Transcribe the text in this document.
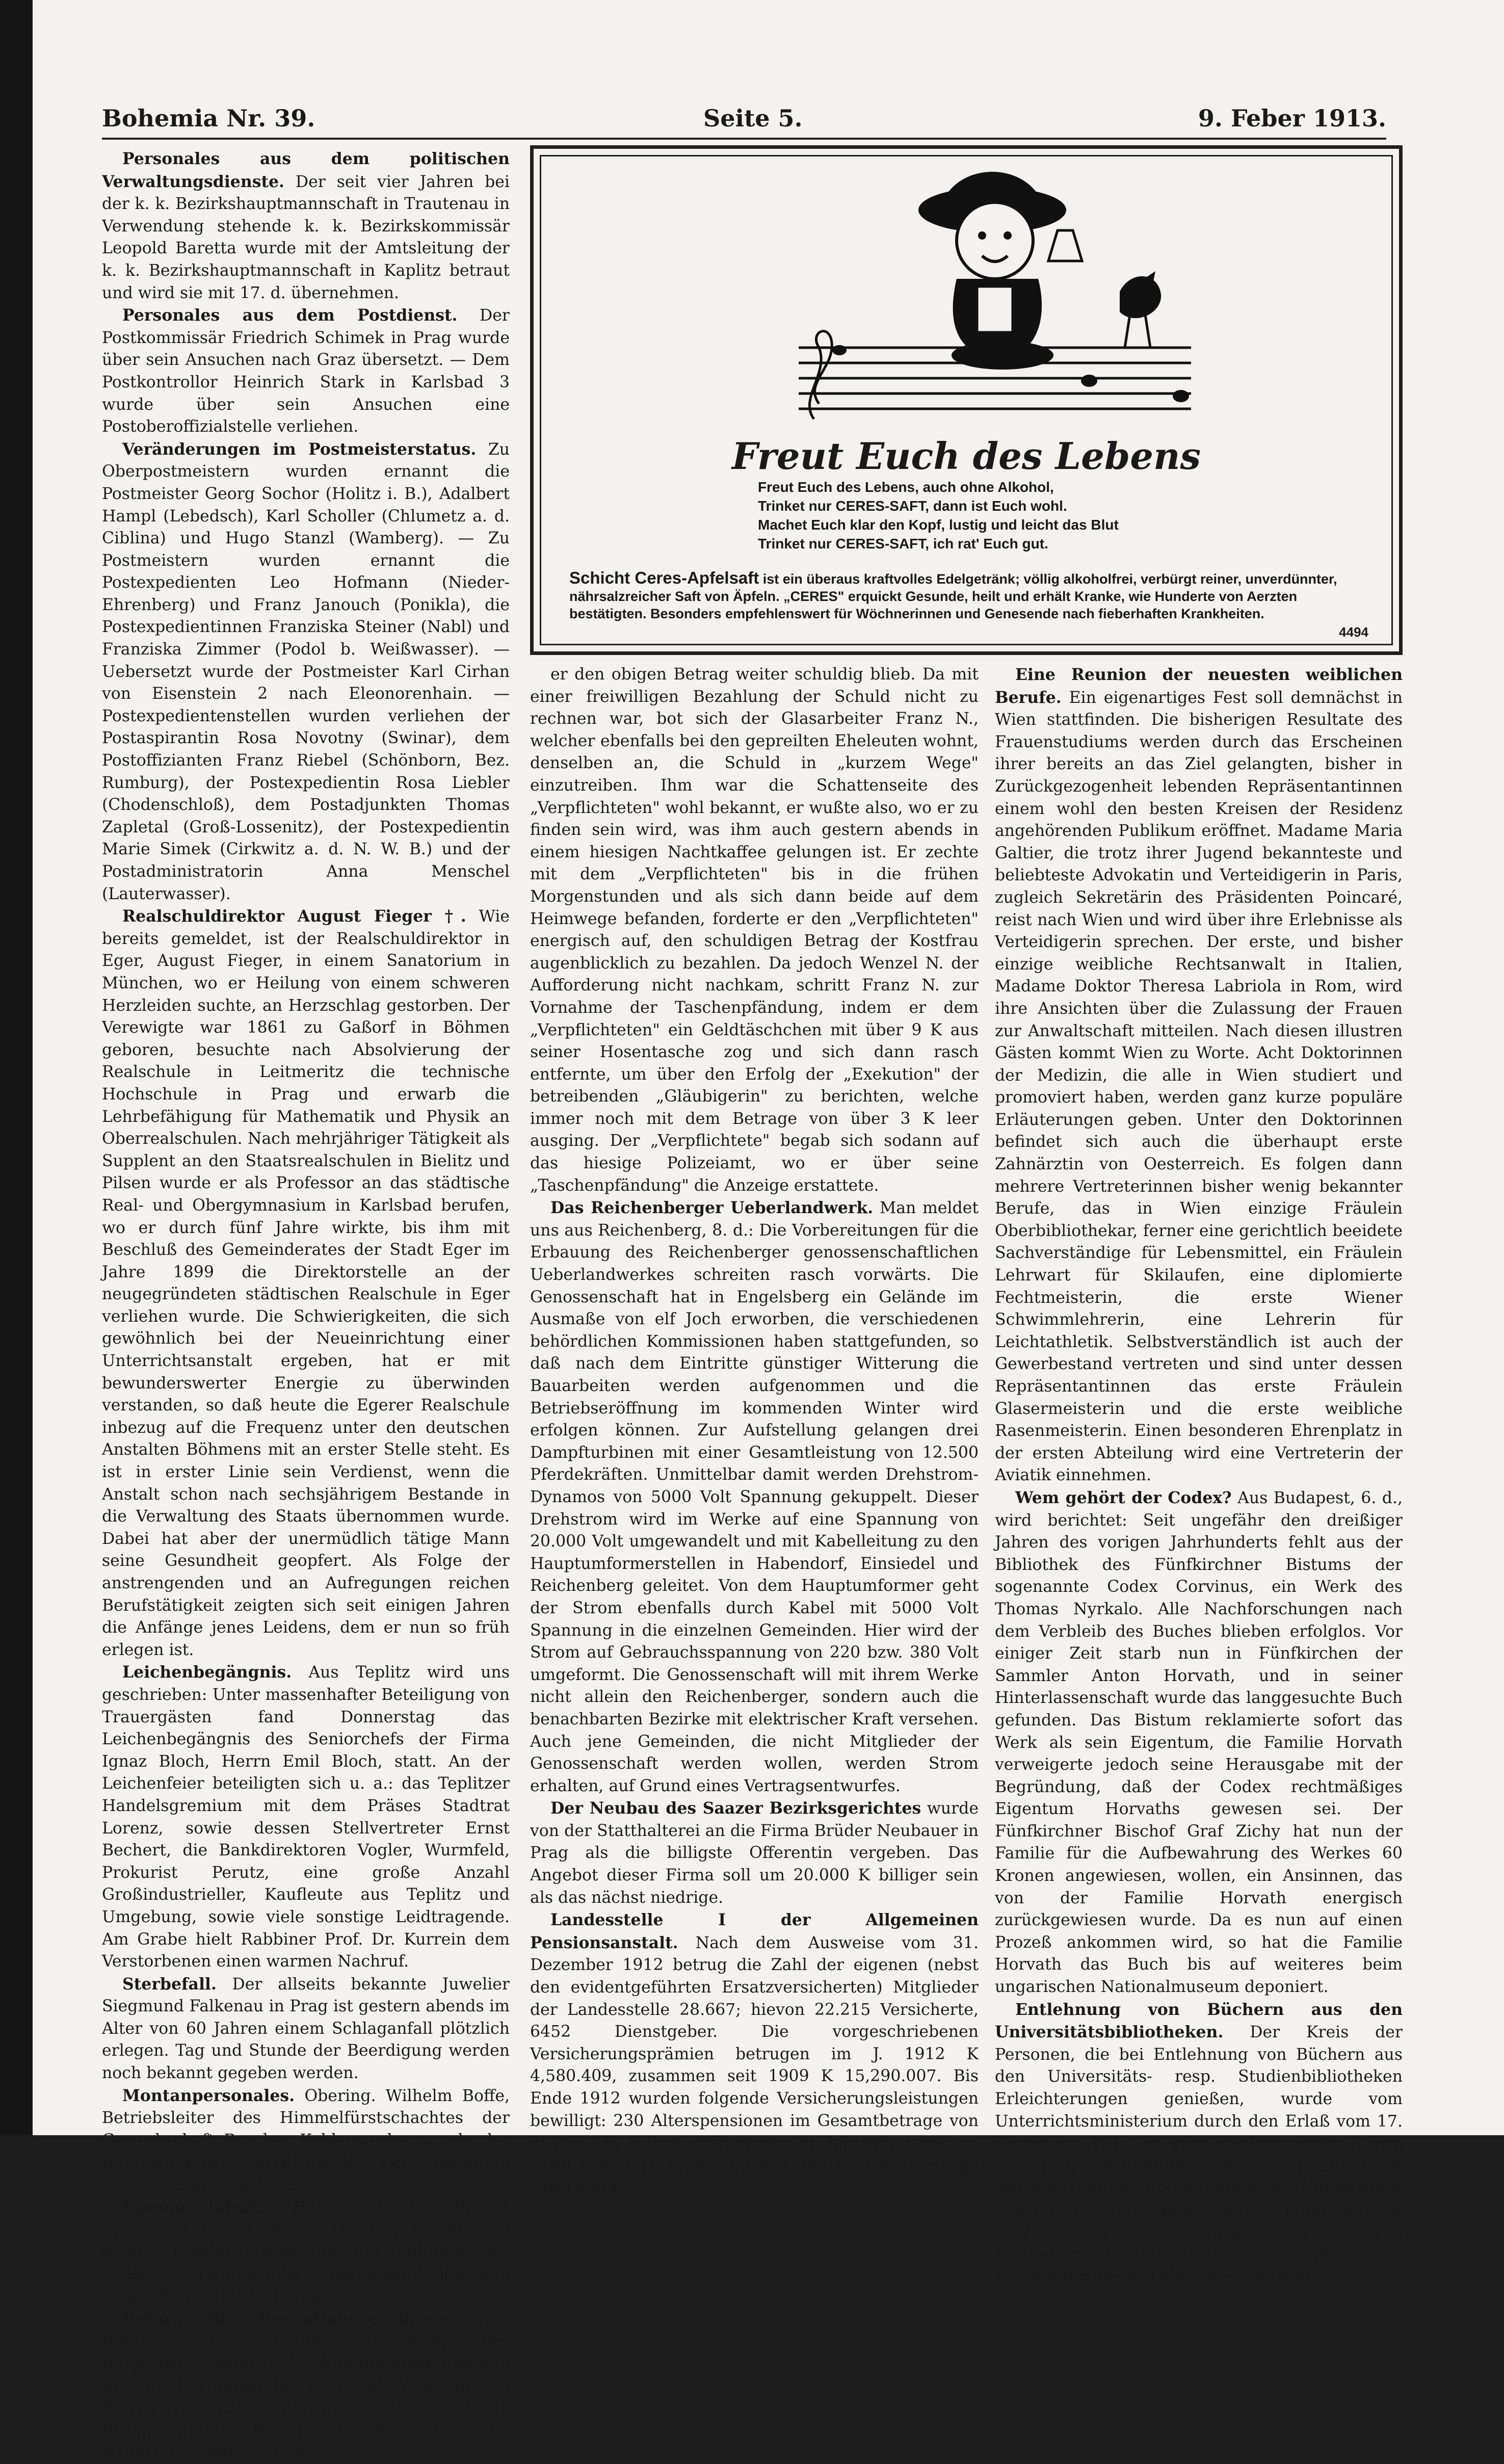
Bohemia Nr. 39.	Seite 5.	9. Feber 1913.

Personales aus dem politischen Verwaltungsdienste. Der seit vier Jahren bei der k. k. Bezirkshauptmannschaft in Trautenau in Verwendung stehende k. k. Bezirkskommissär Leopold Baretta wurde mit der Amtsleitung der k. k. Bezirkshauptmannschaft in Kaplitz betraut und wird sie mit 17. d. übernehmen.

Personales aus dem Postdienst. Der Postkommissär Friedrich Schimek in Prag wurde über sein Ansuchen nach Graz übersetzt. — Dem Postkontrollor Heinrich Stark in Karlsbad 3 wurde über sein Ansuchen eine Postoberoffizialstelle verliehen.

Veränderungen im Postmeisterstatus. Zu Oberpostmeistern wurden ernannt die Postmeister Georg Sochor (Holitz i. B.), Adalbert Hampl (Lebedsch), Karl Scholler (Chlumetz a. d. Ciblina) und Hugo Stanzl (Wamberg). — Zu Postmeistern wurden ernannt die Postexpedienten Leo Hofmann (Nieder-Ehrenberg) und Franz Janouch (Ponikla), die Postexpedientinnen Franziska Steiner (Nabl) und Franziska Zimmer (Podol b. Weißwasser). — Uebersetzt wurde der Postmeister Karl Cirhan von Eisenstein 2 nach Eleonorenhain. — Postexpedientenstellen wurden verliehen der Postaspirantin Rosa Novotny (Swinar), dem Postoffizianten Franz Riebel (Schönborn, Bez. Rumburg), der Postexpedientin Rosa Liebler (Chodenschloß), dem Postadjunkten Thomas Zapletal (Groß-Lossenitz), der Postexpedientin Marie Simek (Cirkwitz a. d. N. W. B.) und der Postadministratorin Anna Menschel (Lauterwasser).

Realschuldirektor August Fieger †. Wie bereits gemeldet, ist der Realschuldirektor in Eger, August Fieger, in einem Sanatorium in München, wo er Heilung von einem schweren Herzleiden suchte, an Herzschlag gestorben. Der Verewigte war 1861 zu Gaßorf in Böhmen geboren, besuchte nach Absolvierung der Realschule in Leitmeritz die technische Hochschule in Prag und erwarb die Lehrbefähigung für Mathematik und Physik an Oberrealschulen. Nach mehrjähriger Tätigkeit als Supplent an den Staatsrealschulen in Bielitz und Pilsen wurde er als Professor an das städtische Real- und Obergymnasium in Karlsbad berufen, wo er durch fünf Jahre wirkte, bis ihm mit Beschluß des Gemeinderates der Stadt Eger im Jahre 1899 die Direktorstelle an der neugegründeten städtischen Realschule in Eger verliehen wurde. Die Schwierigkeiten, die sich gewöhnlich bei der Neueinrichtung einer Unterrichtsanstalt ergeben, hat er mit bewunderswerter Energie zu überwinden verstanden, so daß heute die Egerer Realschule inbezug auf die Frequenz unter den deutschen Anstalten Böhmens mit an erster Stelle steht. Es ist in erster Linie sein Verdienst, wenn die Anstalt schon nach sechsjährigem Bestande in die Verwaltung des Staats übernommen wurde. Dabei hat aber der unermüdlich tätige Mann seine Gesundheit geopfert. Als Folge der anstrengenden und an Aufregungen reichen Berufstätigkeit zeigten sich seit einigen Jahren die Anfänge jenes Leidens, dem er nun so früh erlegen ist.

Leichenbegängnis. Aus Teplitz wird uns geschrieben: Unter massenhafter Beteiligung von Trauergästen fand Donnerstag das Leichenbegängnis des Seniorchefs der Firma Ignaz Bloch, Herrn Emil Bloch, statt. An der Leichenfeier beteiligten sich u. a.: das Teplitzer Handelsgremium mit dem Präses Stadtrat Lorenz, sowie dessen Stellvertreter Ernst Bechert, die Bankdirektoren Vogler, Wurmfeld, Prokurist Perutz, eine große Anzahl Großindustrieller, Kaufleute aus Teplitz und Umgebung, sowie viele sonstige Leidtragende. Am Grabe hielt Rabbiner Prof. Dr. Kurrein dem Verstorbenen einen warmen Nachruf.

Sterbefall. Der allseits bekannte Juwelier Siegmund Falkenau in Prag ist gestern abends im Alter von 60 Jahren einem Schlaganfall plötzlich erlegen. Tag und Stunde der Beerdigung werden noch bekannt gegeben werden.

Montanpersonales. Obering. Wilhelm Boffe, Betriebsleiter des Himmelfürstschachtes der Gewerkschaft Brucher Kohlenwerke, wurde der Bergínspektion Maria-Ratschitz der genannten Gewerkschaft zugeteilt.

Kommerzialrat. Herr Kamillo Eisner, Filzfabrikant in Güns in Ungarn, wurde vom ungar. Handelsministerium als Mitglied der Zwischenverkehrsstatistischen Kommission zum ungar. Kommerzialrat ernannt.

Reform des Exekutionsverfahrens. Aus Bilin, 7. d. wird uns geschrieben: Der Bergarbeiter Wenzel N. schuldete einer hiesigen Bergarbeiterfamilie für Kost und Wohnung den Betrag von 13 K. Als die Kostfrau auf die Bezahlung dieses Betrages drängte, übersiedelte N. nach Ladowitz, indem

Freut Euch des Lebens
Freut Euch des Lebens, auch ohne Alkohol,
Trinket nur CERES-SAFT, dann ist Euch wohl.
Machet Euch klar den Kopf, lustig und leicht das Blut
Trinket nur CERES-SAFT, ich rat' Euch gut.
Schicht Ceres-Apfelsaft ist ein überaus kraftvolles Edelgetränk; völlig alkoholfrei, verbürgt reiner, unverdünnter, nährsalzreicher Saft von Äpfeln. „CERES" erquickt Gesunde, heilt und erhält Kranke, wie Hunderte von Aerzten bestätigten. Besonders empfehlenswert für Wöchnerinnen und Genesende nach fieberhaften Krankheiten.
4494

er den obigen Betrag weiter schuldig blieb. Da mit einer freiwilligen Bezahlung der Schuld nicht zu rechnen war, bot sich der Glasarbeiter Franz N., welcher ebenfalls bei den gepreilten Eheleuten wohnt, denselben an, die Schuld in „kurzem Wege" einzutreiben. Ihm war die Schattenseite des „Verpflichteten" wohl bekannt, er wußte also, wo er zu finden sein wird, was ihm auch gestern abends in einem hiesigen Nachtkaffee gelungen ist. Er zechte mit dem „Verpflichteten" bis in die frühen Morgenstunden und als sich dann beide auf dem Heimwege befanden, forderte er den „Verpflichteten" energisch auf, den schuldigen Betrag der Kostfrau augenblicklich zu bezahlen. Da jedoch Wenzel N. der Aufforderung nicht nachkam, schritt Franz N. zur Vornahme der Taschenpfändung, indem er dem „Verpflichteten" ein Geldtäschchen mit über 9 K aus seiner Hosentasche zog und sich dann rasch entfernte, um über den Erfolg der „Exekution" der betreibenden „Gläubigerin" zu berichten, welche immer noch mit dem Betrage von über 3 K leer ausging. Der „Verpflichtete" begab sich sodann auf das hiesige Polizeiamt, wo er über seine „Taschenpfändung" die Anzeige erstattete.

Das Reichenberger Ueberlandwerk. Man meldet uns aus Reichenberg, 8. d.: Die Vorbereitungen für die Erbauung des Reichenberger genossenschaftlichen Ueberlandwerkes schreiten rasch vorwärts. Die Genossenschaft hat in Engelsberg ein Gelände im Ausmaße von elf Joch erworben, die verschiedenen behördlichen Kommissionen haben stattgefunden, so daß nach dem Eintritte günstiger Witterung die Bauarbeiten werden aufgenommen und die Betriebseröffnung im kommenden Winter wird erfolgen können. Zur Aufstellung gelangen drei Dampfturbinen mit einer Gesamtleistung von 12.500 Pferdekräften. Unmittelbar damit werden Drehstrom-Dynamos von 5000 Volt Spannung gekuppelt. Dieser Drehstrom wird im Werke auf eine Spannung von 20.000 Volt umgewandelt und mit Kabelleitung zu den Hauptumformerstellen in Habendorf, Einsiedel und Reichenberg geleitet. Von dem Hauptumformer geht der Strom ebenfalls durch Kabel mit 5000 Volt Spannung in die einzelnen Gemeinden. Hier wird der Strom auf Gebrauchsspannung von 220 bzw. 380 Volt umgeformt. Die Genossenschaft will mit ihrem Werke nicht allein den Reichenberger, sondern auch die benachbarten Bezirke mit elektrischer Kraft versehen. Auch jene Gemeinden, die nicht Mitglieder der Genossenschaft werden wollen, werden Strom erhalten, auf Grund eines Vertragsentwurfes.

Der Neubau des Saazer Bezirksgerichtes wurde von der Statthalterei an die Firma Brüder Neubauer in Prag als die billigste Offerentin vergeben. Das Angebot dieser Firma soll um 20.000 K billiger sein als das nächst niedrige.

Landesstelle I der Allgemeinen Pensionsanstalt. Nach dem Ausweise vom 31. Dezember 1912 betrug die Zahl der eigenen (nebst den evidentgeführten Ersatzversicherten) Mitglieder der Landesstelle 28.667; hievon 22.215 Versicherte, 6452 Dienstgeber. Die vorgeschriebenen Versicherungsprämien betrugen im J. 1912 K 4,580.409, zusammen seit 1909 K 15,290.007. Bis Ende 1912 wurden folgende Versicherungsleistungen bewilligt: 230 Alterspensionen im Gesamtbetrage von 244.080 K, 8 Invaliditätsrenten im Jahresbetrage von 2160 K und 11 Erziehungsbeiträge im Jahresbetrage von 1830 K.

Eine Reunion der neuesten weiblichen Berufe. Ein eigenartiges Fest soll demnächst in Wien stattfinden. Die bisherigen Resultate des Frauenstudiums werden durch das Erscheinen ihrer bereits an das Ziel gelangten, bisher in Zurückgezogenheit lebenden Repräsentantinnen einem wohl den besten Kreisen der Residenz angehörenden Publikum eröffnet. Madame Maria Galtier, die trotz ihrer Jugend bekannteste und beliebteste Advokatin und Verteidigerin in Paris, zugleich Sekretärin des Präsidenten Poincaré, reist nach Wien und wird über ihre Erlebnisse als Verteidigerin sprechen. Der erste, und bisher einzige weibliche Rechtsanwalt in Italien, Madame Doktor Theresa Labriola in Rom, wird ihre Ansichten über die Zulassung der Frauen zur Anwaltschaft mitteilen. Nach diesen illustren Gästen kommt Wien zu Worte. Acht Doktorinnen der Medizin, die alle in Wien studiert und promoviert haben, werden ganz kurze populäre Erläuterungen geben. Unter den Doktorinnen befindet sich auch die überhaupt erste Zahnärztin von Oesterreich. Es folgen dann mehrere Vertreterinnen bisher wenig bekannter Berufe, das in Wien einzige Fräulein Oberbibliothekar, ferner eine gerichtlich beeidete Sachverständige für Lebensmittel, ein Fräulein Lehrwart für Skilaufen, eine diplomierte Fechtmeisterin, die erste Wiener Schwimmlehrerin, eine Lehrerin für Leichtathletik. Selbstverständlich ist auch der Gewerbestand vertreten und sind unter dessen Repräsentantinnen das erste Fräulein Glasermeisterin und die erste weibliche Rasenmeisterin. Einen besonderen Ehrenplatz in der ersten Abteilung wird eine Vertreterin der Aviatik einnehmen.

Wem gehört der Codex? Aus Budapest, 6. d., wird berichtet: Seit ungefähr den dreißiger Jahren des vorigen Jahrhunderts fehlt aus der Bibliothek des Fünfkirchner Bistums der sogenannte Codex Corvinus, ein Werk des Thomas Nyrkalo. Alle Nachforschungen nach dem Verbleib des Buches blieben erfolglos. Vor einiger Zeit starb nun in Fünfkirchen der Sammler Anton Horvath, und in seiner Hinterlassenschaft wurde das langgesuchte Buch gefunden. Das Bistum reklamierte sofort das Werk als sein Eigentum, die Familie Horvath verweigerte jedoch seine Herausgabe mit der Begründung, daß der Codex rechtmäßiges Eigentum Horvaths gewesen sei. Der Fünfkirchner Bischof Graf Zichy hat nun der Familie für die Aufbewahrung des Werkes 60 Kronen angewiesen, wollen, ein Ansinnen, das von der Familie Horvath energisch zurückgewiesen wurde. Da es nun auf einen Prozeß ankommen wird, so hat die Familie Horvath das Buch bis auf weiteres beim ungarischen Nationalmuseum deponiert.

Entlehnung von Büchern aus den Universitätsbibliotheken. Der Kreis der Personen, die bei Entlehnung von Büchern aus den Universitäts- resp. Studienbibliotheken Erleichterungen genießen, wurde vom Unterrichtsministerium durch den Erlaß vom 17. Dezember 1912 in sehr dankenswerter Weise erweitert, indem die Begünstigungen ausgedehnt werden: 1. auf jene Studierende, welche an einer Universität zum Zwecke der Vorbereitung zur Prüfung für das Lehramt an höheren Handelsschulen inskribiert sind, und 2. auf Kandidaten dieses Lehramtes. Die erster-
